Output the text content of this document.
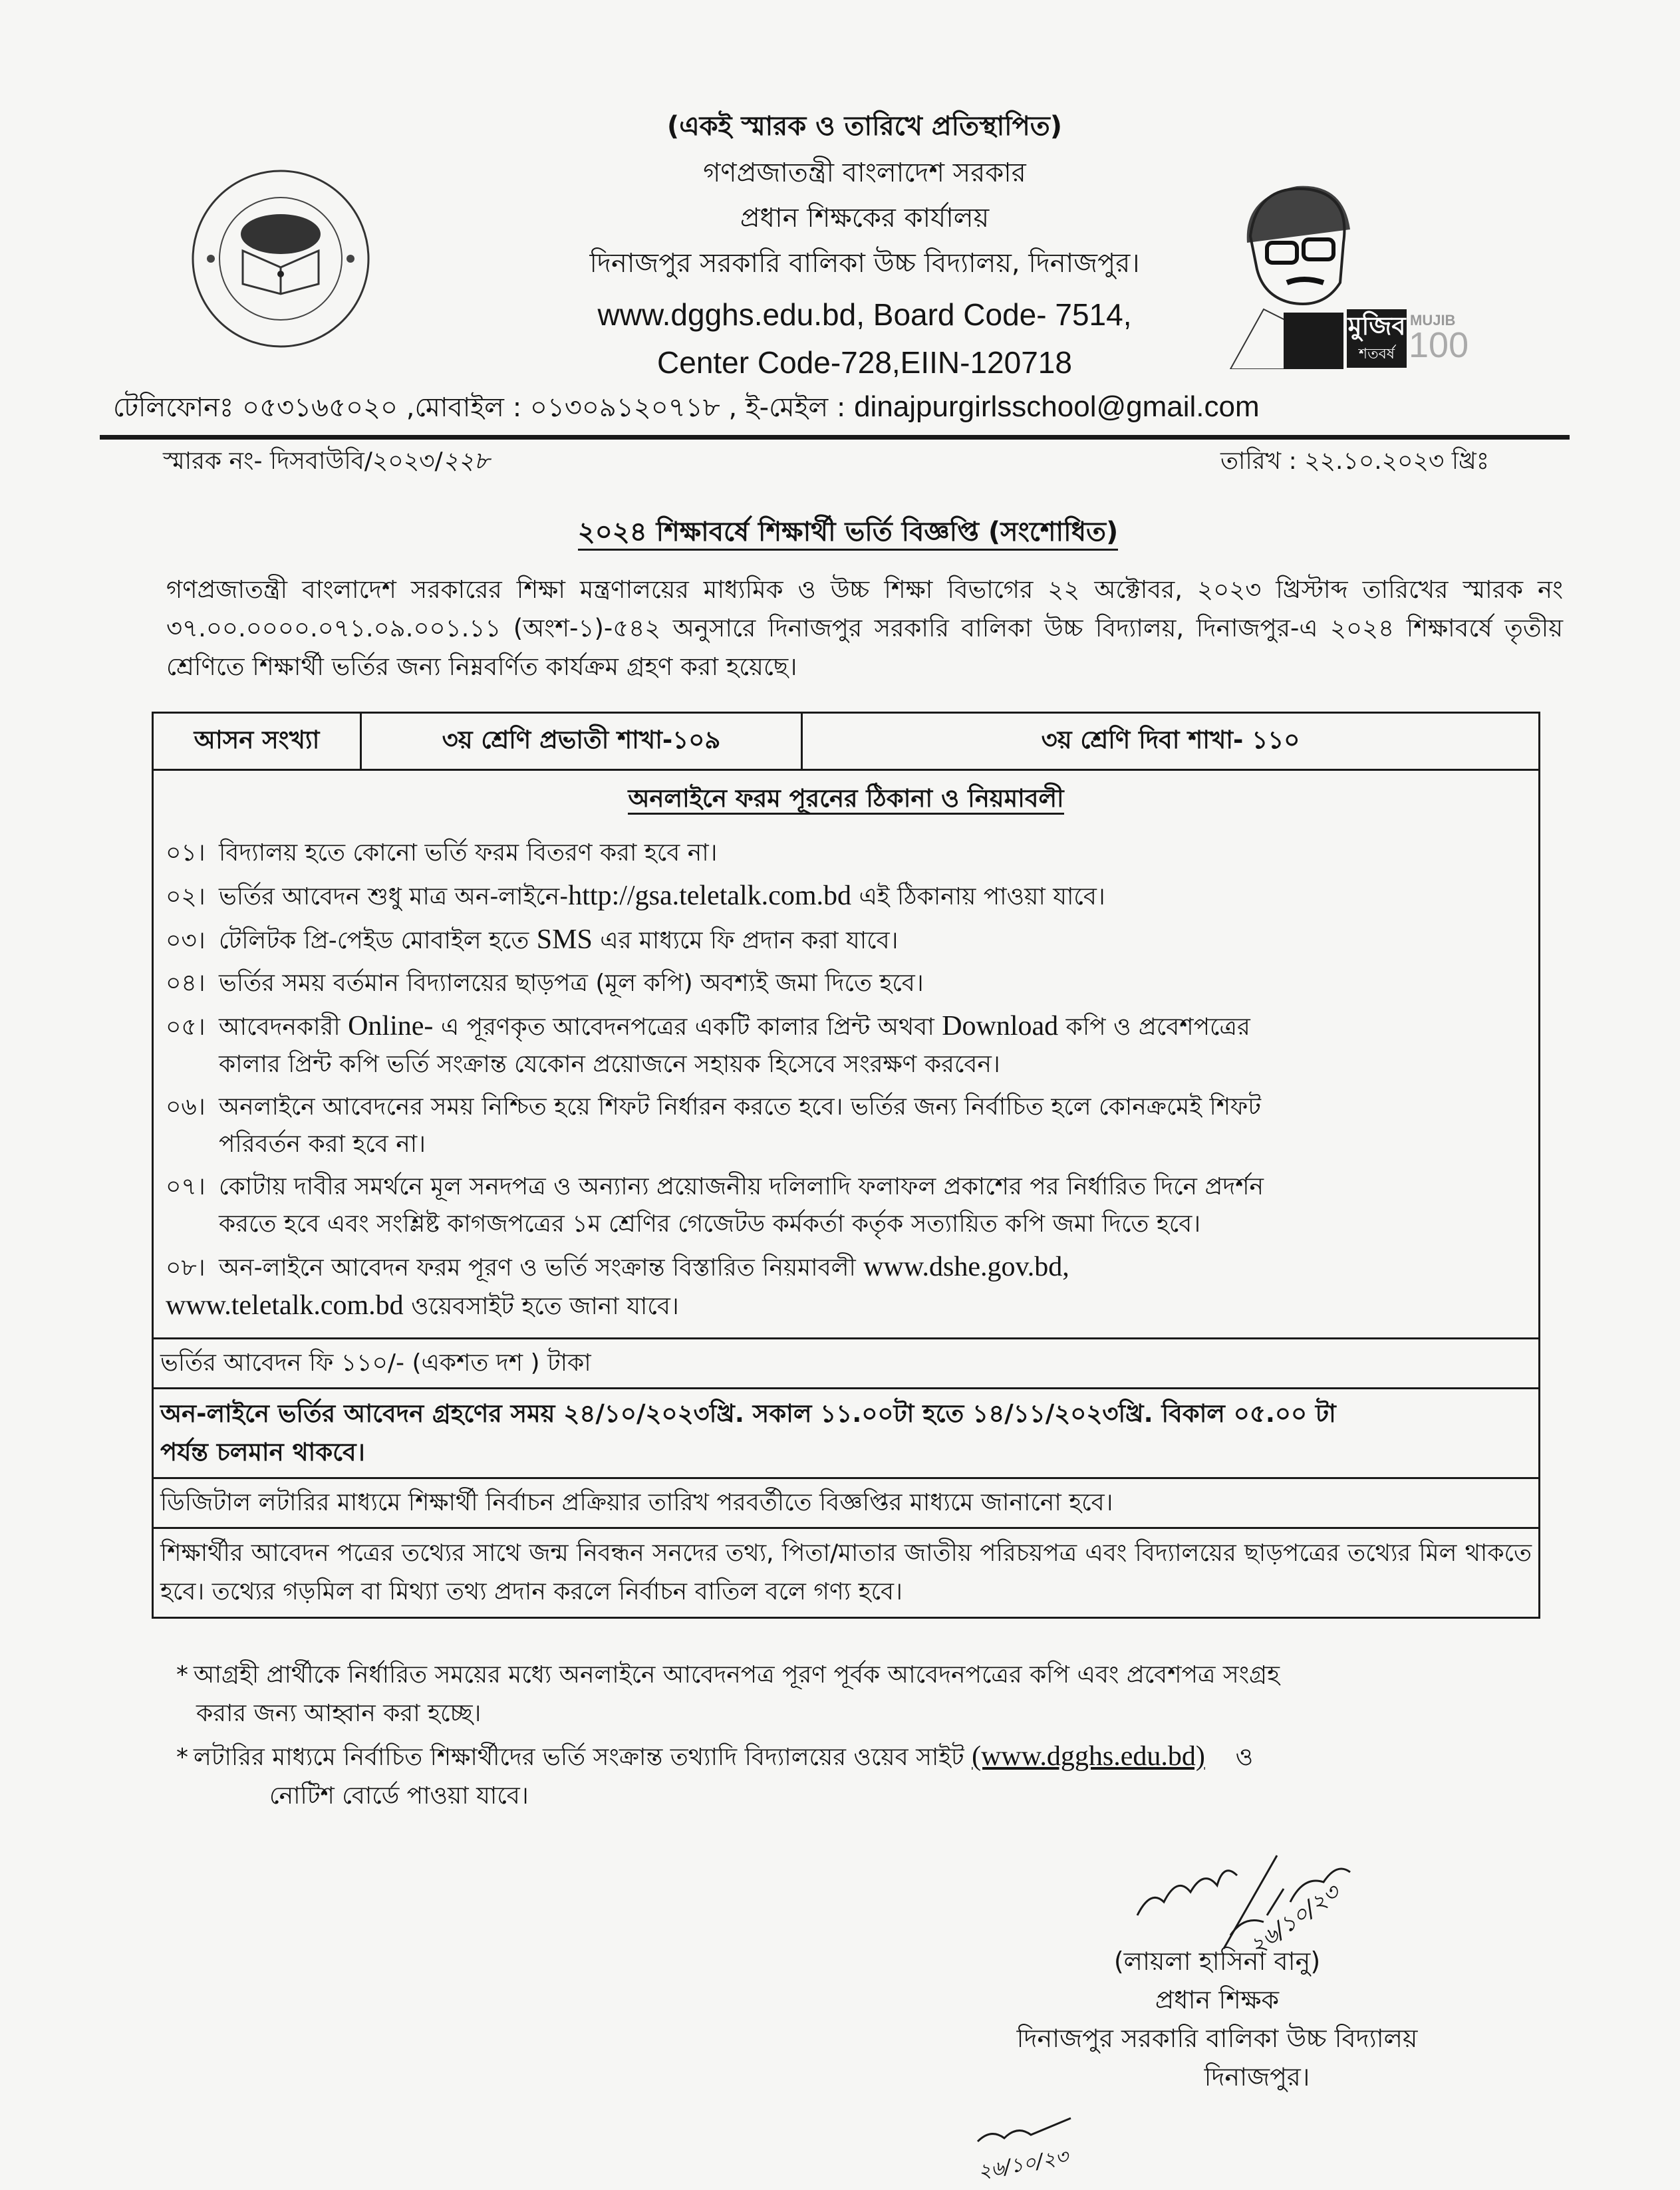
(একই স্মারক ও তারিখে প্রতিস্থাপিত)
গণপ্রজাতন্ত্রী বাংলাদেশ সরকার
প্রধান শিক্ষকের কার্যালয়
দিনাজপুর সরকারি বালিকা উচ্চ বিদ্যালয়, দিনাজপুর।
www.dgghs.edu.bd, Board Code- 7514,
Center Code-728,EIIN-120718
মুজিব
শতবর্ষ
MUJIB
100
টেলিফোনঃ ০৫৩১৬৫০২০ ,মোবাইল : ০১৩০৯১২০৭১৮ , ই-মেইল : dinajpurgirlsschool@gmail.com
স্মারক নং- দিসবাউবি/২০২৩/২২৮	তারিখ : ২২.১০.২০২৩ খ্রিঃ
২০২৪ শিক্ষাবর্ষে শিক্ষার্থী ভর্তি বিজ্ঞপ্তি (সংশোধিত)
গণপ্রজাতন্ত্রী বাংলাদেশ সরকারের শিক্ষা মন্ত্রণালয়ের মাধ্যমিক ও উচ্চ শিক্ষা বিভাগের ২২ অক্টোবর, ২০২৩ খ্রিস্টাব্দ তারিখের স্মারক নং ৩৭.০০.০০০০.০৭১.০৯.০০১.১১ (অংশ-১)-৫৪২ অনুসারে দিনাজপুর সরকারি বালিকা উচ্চ বিদ্যালয়, দিনাজপুর-এ ২০২৪ শিক্ষাবর্ষে তৃতীয় শ্রেণিতে শিক্ষার্থী ভর্তির জন্য নিম্নবর্ণিত কার্যক্রম গ্রহণ করা হয়েছে।
আসন সংখ্যা	৩য় শ্রেণি প্রভাতী শাখা-১০৯	৩য় শ্রেণি দিবা শাখা- ১১০
অনলাইনে ফরম পূরনের ঠিকানা ও নিয়মাবলী
০১। বিদ্যালয় হতে কোনো ভর্তি ফরম বিতরণ করা হবে না।
০২। ভর্তির আবেদন শুধু মাত্র অন-লাইনে-http://gsa.teletalk.com.bd এই ঠিকানায় পাওয়া যাবে।
০৩। টেলিটক প্রি-পেইড মোবাইল হতে SMS এর মাধ্যমে ফি প্রদান করা যাবে।
০৪। ভর্তির সময় বর্তমান বিদ্যালয়ের ছাড়পত্র (মূল কপি) অবশ্যই জমা দিতে হবে।
০৫। আবেদনকারী Online- এ পূরণকৃত আবেদনপত্রের একটি কালার প্রিন্ট অথবা Download কপি ও প্রবেশপত্রের
কালার প্রিন্ট কপি ভর্তি সংক্রান্ত যেকোন প্রয়োজনে সহায়ক হিসেবে সংরক্ষণ করবেন।
০৬। অনলাইনে আবেদনের সময় নিশ্চিত হয়ে শিফট নির্ধারন করতে হবে। ভর্তির জন্য নির্বাচিত হলে কোনক্রমেই শিফট
পরিবর্তন করা হবে না।
০৭। কোটায় দাবীর সমর্থনে মূল সনদপত্র ও অন্যান্য প্রয়োজনীয় দলিলাদি ফলাফল প্রকাশের পর নির্ধারিত দিনে প্রদর্শন
করতে হবে এবং সংশ্লিষ্ট কাগজপত্রের ১ম শ্রেণির গেজেটড কর্মকর্তা কর্তৃক সত্যায়িত কপি জমা দিতে হবে।
০৮। অন-লাইনে আবেদন ফরম পূরণ ও ভর্তি সংক্রান্ত বিস্তারিত নিয়মাবলী www.dshe.gov.bd,
www.teletalk.com.bd ওয়েবসাইট হতে জানা যাবে।
ভর্তির আবেদন ফি ১১০/- (একশত দশ ) টাকা
অন-লাইনে ভর্তির আবেদন গ্রহণের সময় ২৪/১০/২০২৩খ্রি. সকাল ১১.০০টা হতে ১৪/১১/২০২৩খ্রি. বিকাল ০৫.০০ টা
পর্যন্ত চলমান থাকবে।
ডিজিটাল লটারির মাধ্যমে শিক্ষার্থী নির্বাচন প্রক্রিয়ার তারিখ পরবর্তীতে বিজ্ঞপ্তির মাধ্যমে জানানো হবে।
শিক্ষার্থীর আবেদন পত্রের তথ্যের সাথে জন্ম নিবন্ধন সনদের তথ্য, পিতা/মাতার জাতীয় পরিচয়পত্র এবং বিদ্যালয়ের ছাড়পত্রের তথ্যের মিল থাকতে হবে। তথ্যের গড়মিল বা মিথ্যা তথ্য প্রদান করলে নির্বাচন বাতিল বলে গণ্য হবে।
* আগ্রহী প্রার্থীকে নির্ধারিত সময়ের মধ্যে অনলাইনে আবেদনপত্র পূরণ পূর্বক আবেদনপত্রের কপি এবং প্রবেশপত্র সংগ্রহ
করার জন্য আহ্বান করা হচ্ছে।
* লটারির মাধ্যমে নির্বাচিত শিক্ষার্থীদের ভর্তি সংক্রান্ত তথ্যাদি বিদ্যালয়ের ওয়েব সাইট (www.dgghs.edu.bd)    ও
নোটিশ বোর্ডে পাওয়া যাবে।
২৬/১০/২৩
(লায়লা হাসিনা বানু)
প্রধান শিক্ষক
দিনাজপুর সরকারি বালিকা উচ্চ বিদ্যালয়
দিনাজপুর।
২৬/১০/২৩
